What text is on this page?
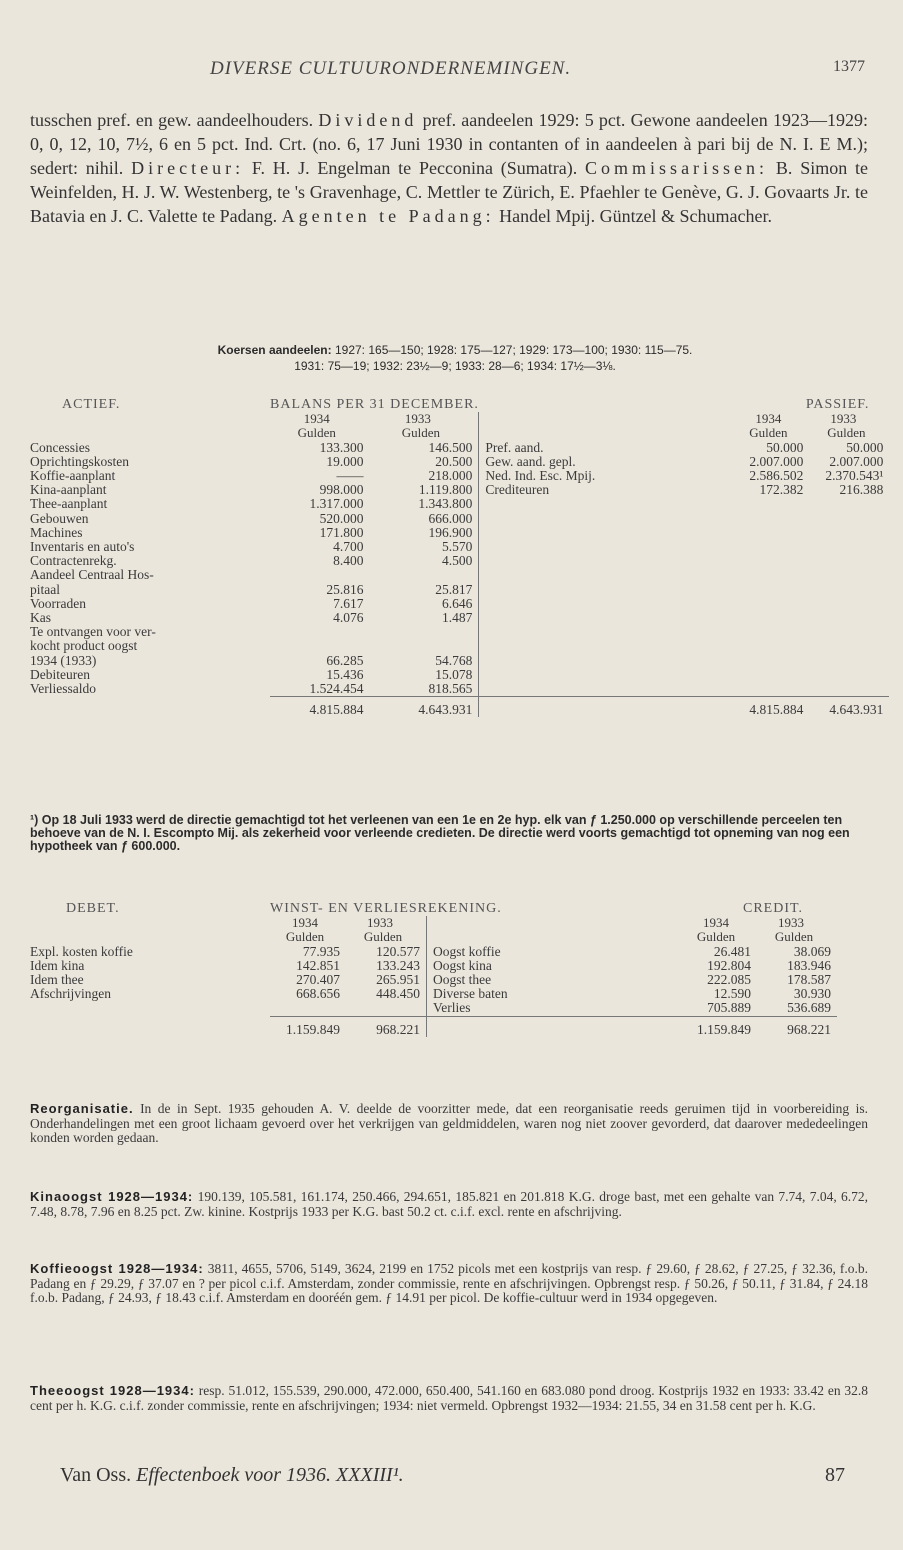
DIVERSE CULTUURONDERNEMINGEN.	1377

tusschen pref. en gew. aandeelhouders. Dividend pref. aandeelen 1929: 5 pct. Gewone aandeelen 1923—1929: 0, 0, 12, 10, 7½, 6 en 5 pct. Ind. Crt. (no. 6, 17 Juni 1930 in contanten of in aandeelen à pari bij de N. I. E M.); sedert: nihil. Directeur: F. H. J. Engelman te Pecconina (Sumatra). Commissarissen: B. Simon te Weinfelden, H. J. W. Westenberg, te 's Gravenhage, C. Mettler te Zürich, E. Pfaehler te Genève, G. J. Govaarts Jr. te Batavia en J. C. Valette te Padang. Agenten te Padang: Handel Mpij. Güntzel & Schumacher.

Koersen aandeelen: 1927: 165—150; 1928: 175—127; 1929: 173—100; 1930: 115—75.
1931: 75—19; 1932: 23½—9; 1933: 28—6; 1934: 17½—3⅛.
ACTIEF.	BALANS PER 31 DECEMBER.		PASSIEF.		
	1934	1933		1934	1933
	Gulden	Gulden		Gulden	Gulden
Concessies	133.300	146.500	Pref. aand.	50.000	50.000
Oprichtingskosten	19.000	20.500	Gew. aand. gepl.	2.007.000	2.007.000
Koffie-aanplant	——	218.000	Ned. Ind. Esc. Mpij.	2.586.502	2.370.543¹
Kina-aanplant	998.000	1.119.800	Crediteuren	172.382	216.388
Thee-aanplant	1.317.000	1.343.800			
Gebouwen	520.000	666.000			
Machines	171.800	196.900			
Inventaris en auto's	4.700	5.570			
Contractenrekg.	8.400	4.500			
Aandeel Centraal Hos-					
pitaal	25.816	25.817			
Voorraden	7.617	6.646			
Kas	4.076	1.487			
Te ontvangen voor ver-					
kocht product oogst					
1934 (1933)	66.285	54.768			
Debiteuren	15.436	15.078			
Verliessaldo	1.524.454	818.565			
	4.815.884	4.643.931		4.815.884	4.643.931

¹) Op 18 Juli 1933 werd de directie gemachtigd tot het verleenen van een 1e en 2e hyp. elk van ƒ 1.250.000 op verschillende perceelen ten behoeve van de N. I. Escompto Mij. als zekerheid voor verleende credieten. De directie werd voorts gemachtigd tot opneming van nog een hypotheek van ƒ 600.000.

DEBET.	WINST- EN VERLIESREKENING.			CREDIT.	
	1934	1933		1934	1933
	Gulden	Gulden		Gulden	Gulden
Expl. kosten koffie	77.935	120.577	Oogst koffie	26.481	38.069
Idem kina	142.851	133.243	Oogst kina	192.804	183.946
Idem thee	270.407	265.951	Oogst thee	222.085	178.587
Afschrijvingen	668.656	448.450	Diverse baten	12.590	30.930
			Verlies	705.889	536.689
	1.159.849	968.221		1.159.849	968.221
Reorganisatie. In de in Sept. 1935 gehouden A. V. deelde de voorzitter mede, dat een reorganisatie reeds geruimen tijd in voorbereiding is. Onderhandelingen met een groot lichaam gevoerd over het verkrijgen van geldmiddelen, waren nog niet zoover gevorderd, dat daarover mededeelingen konden worden gedaan.
Kinaoogst 1928—1934: 190.139, 105.581, 161.174, 250.466, 294.651, 185.821 en 201.818 K.G. droge bast, met een gehalte van 7.74, 7.04, 6.72, 7.48, 8.78, 7.96 en 8.25 pct. Zw. kinine. Kostprijs 1933 per K.G. bast 50.2 ct. c.i.f. excl. rente en afschrijving.
Koffieoogst 1928—1934: 3811, 4655, 5706, 5149, 3624, 2199 en 1752 picols met een kostprijs van resp. ƒ 29.60, ƒ 28.62, ƒ 27.25, ƒ 32.36, f.o.b. Padang en ƒ 29.29, ƒ 37.07 en ? per picol c.i.f. Amsterdam, zonder commissie, rente en afschrijvingen. Opbrengst resp. ƒ 50.26, ƒ 50.11, ƒ 31.84, ƒ 24.18 f.o.b. Padang, ƒ 24.93, ƒ 18.43 c.i.f. Amsterdam en dooréén gem. ƒ 14.91 per picol. De koffie-cultuur werd in 1934 opgegeven.
Theeoogst 1928—1934: resp. 51.012, 155.539, 290.000, 472.000, 650.400, 541.160 en 683.080 pond droog. Kostprijs 1932 en 1933: 33.42 en 32.8 cent per h. K.G. c.i.f. zonder commissie, rente en afschrijvingen; 1934: niet vermeld. Opbrengst 1932—1934: 21.55, 34 en 31.58 cent per h. K.G.
Van Oss. Effectenboek voor 1936. XXXIII¹.	87
